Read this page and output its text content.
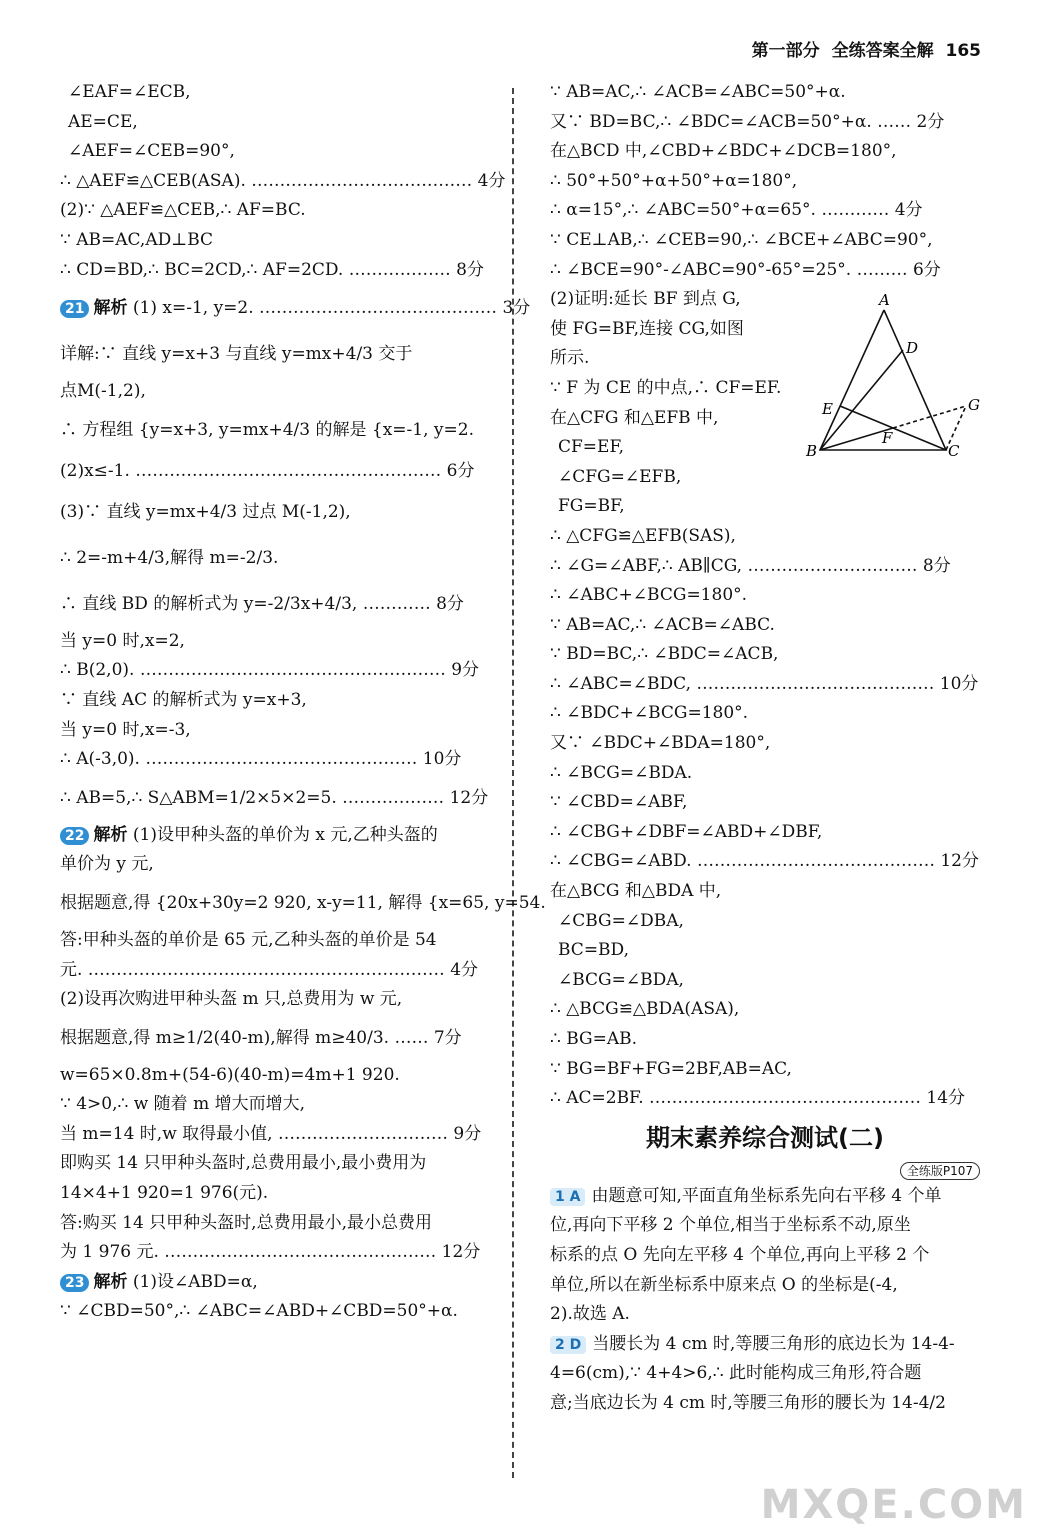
第一部分 全练答案全解 165
∠EAF=∠ECB,
AE=CE,
∠AEF=∠CEB=90°,
∴ △AEF≌△CEB(ASA). ………………………………… 4分
(2)∵ △AEF≌△CEB,∴ AF=BC.
∵ AB=AC,AD⊥BC
∴ CD=BD,∴ BC=2CD,∴ AF=2CD. ……………… 8分
21 解析 (1) x=-1, y=2. …………………………………… 3分
详解:∵ 直线 y=x+3 与直线 y=mx+4/3 交于
点M(-1,2),
∴ 方程组 {y=x+3, y=mx+4/3 的解是 {x=-1, y=2.
(2)x≤-1. ……………………………………………… 6分
(3)∵ 直线 y=mx+4/3 过点 M(-1,2),
∴ 2=-m+4/3,解得 m=-2/3.
∴ 直线 BD 的解析式为 y=-2/3x+4/3, ………… 8分
当 y=0 时,x=2,
∴ B(2,0). ……………………………………………… 9分
∵ 直线 AC 的解析式为 y=x+3,
当 y=0 时,x=-3,
∴ A(-3,0). ………………………………………… 10分
∴ AB=5,∴ S△ABM=1/2×5×2=5. ……………… 12分
22 解析 (1)设甲种头盔的单价为 x 元,乙种头盔的
单价为 y 元,
根据题意,得 {20x+30y=2 920, x-y=11, 解得 {x=65, y=54.
答:甲种头盔的单价是 65 元,乙种头盔的单价是 54
元. ……………………………………………………… 4分
(2)设再次购进甲种头盔 m 只,总费用为 w 元,
根据题意,得 m≥1/2(40-m),解得 m≥40/3. …… 7分
w=65×0.8m+(54-6)(40-m)=4m+1 920.
∵ 4>0,∴ w 随着 m 增大而增大,
当 m=14 时,w 取得最小值, ………………………… 9分
即购买 14 只甲种头盔时,总费用最小,最小费用为
14×4+1 920=1 976(元).
答:购买 14 只甲种头盔时,总费用最小,最小总费用
为 1 976 元. ………………………………………… 12分
23 解析 (1)设∠ABD=α,
∵ ∠CBD=50°,∴ ∠ABC=∠ABD+∠CBD=50°+α.
∵ AB=AC,∴ ∠ACB=∠ABC=50°+α.
又∵ BD=BC,∴ ∠BDC=∠ACB=50°+α. …… 2分
在△BCD 中,∠CBD+∠BDC+∠DCB=180°,
∴ 50°+50°+α+50°+α=180°,
∴ α=15°,∴ ∠ABC=50°+α=65°. ………… 4分
∵ CE⊥AB,∴ ∠CEB=90,∴ ∠BCE+∠ABC=90°,
∴ ∠BCE=90°-∠ABC=90°-65°=25°. ……… 6分
(2)证明:延长 BF 到点 G,
使 FG=BF,连接 CG,如图
所示.
∵ F 为 CE 的中点,∴ CF=EF.
在△CFG 和△EFB 中,
CF=EF,
∠CFG=∠EFB,
FG=BF,
∴ △CFG≌△EFB(SAS),
∴ ∠G=∠ABF,∴ AB∥CG, ………………………… 8分
∴ ∠ABC+∠BCG=180°.
∵ AB=AC,∴ ∠ACB=∠ABC.
∵ BD=BC,∴ ∠BDC=∠ACB,
∴ ∠ABC=∠BDC, …………………………………… 10分
∴ ∠BDC+∠BCG=180°.
又∵ ∠BDC+∠BDA=180°,
∴ ∠BCG=∠BDA.
∵ ∠CBD=∠ABF,
∴ ∠CBG+∠DBF=∠ABD+∠DBF,
∴ ∠CBG=∠ABD. …………………………………… 12分
在△BCG 和△BDA 中,
∠CBG=∠DBA,
BC=BD,
∠BCG=∠BDA,
∴ △BCG≌△BDA(ASA),
∴ BG=AB.
∵ BG=BF+FG=2BF,AB=AC,
∴ AC=2BF. ………………………………………… 14分
期末素养综合测试(二)
全练版P107
1 A 由题意可知,平面直角坐标系先向右平移 4 个单
位,再向下平移 2 个单位,相当于坐标系不动,原坐
标系的点 O 先向左平移 4 个单位,再向上平移 2 个
单位,所以在新坐标系中原来点 O 的坐标是(-4,
2).故选 A.
2 D 当腰长为 4 cm 时,等腰三角形的底边长为 14-4-
4=6(cm),∵ 4+4>6,∴ 此时能构成三角形,符合题
意;当底边长为 4 cm 时,等腰三角形的腰长为 14-4/2
A
D
E	G
F
B	C
MXQE.COM
